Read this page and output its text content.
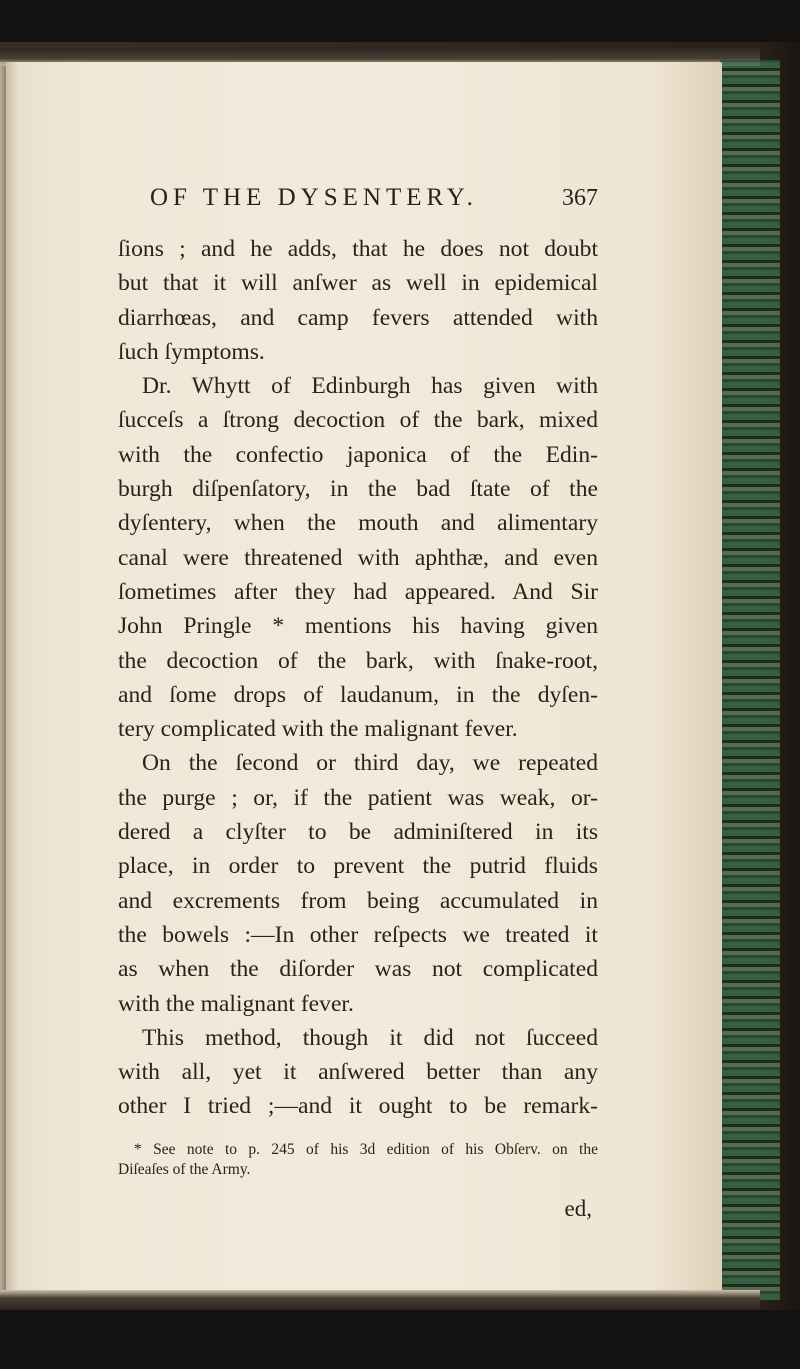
OF THE DYSENTERY.	367
ſions ; and he adds, that he does not doubt
but that it will anſwer as well in epidemical
diarrhœas, and camp fevers attended with
ſuch ſymptoms.
Dr. Whytt of Edinburgh has given with
ſucceſs a ſtrong decoction of the bark, mixed
with the confectio japonica of the Edin-
burgh diſpenſatory, in the bad ſtate of the
dyſentery, when the mouth and alimentary
canal were threatened with aphthæ, and even
ſometimes after they had appeared. And Sir
John Pringle * mentions his having given
the decoction of the bark, with ſnake-root,
and ſome drops of laudanum, in the dyſen-
tery complicated with the malignant fever.
On the ſecond or third day, we repeated
the purge ; or, if the patient was weak, or-
dered a clyſter to be adminiſtered in its
place, in order to prevent the putrid fluids
and excrements from being accumulated in
the bowels :—In other reſpects we treated it
as when the diſorder was not complicated
with the malignant fever.
This method, though it did not ſucceed
with all, yet it anſwered better than any
other I tried ;—and it ought to be remark-
* See note to p. 245 of his 3d edition of his Obſerv. on the
Diſeaſes of the Army.
ed,
